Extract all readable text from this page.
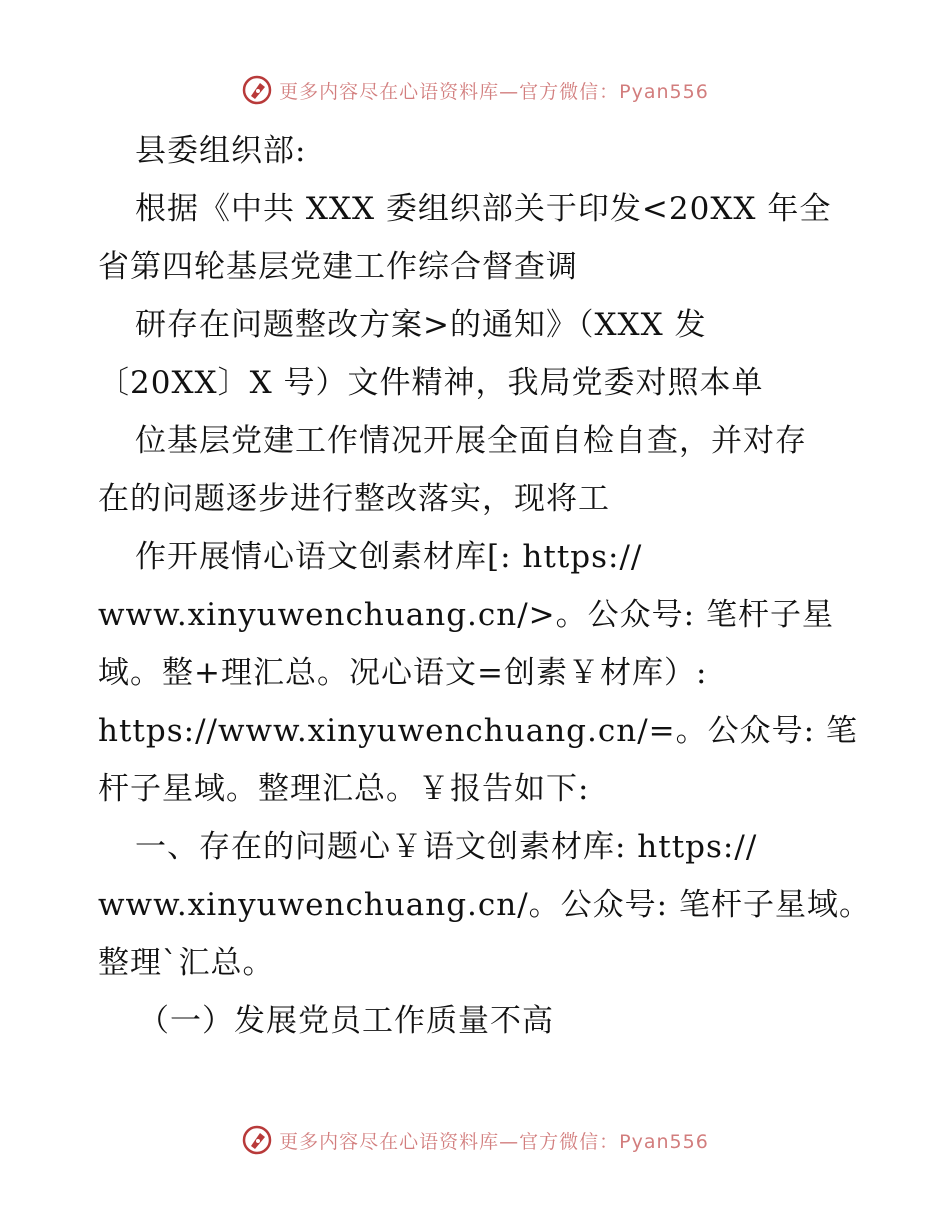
更多内容尽在心语资料库—官方微信：Pyan556
县委组织部:
根据《中共 XXX 委组织部关于印发<20XX 年全
省第四轮基层党建工作综合督查调
研存在问题整改方案>的通知》（XXX 发
〔20XX〕X 号）文件精神，我局党委对照本单
位基层党建工作情况开展全面自检自查，并对存
在的问题逐步进行整改落实，现将工
作开展情心语文创素材库[: https://
www.xinyuwenchuang.cn/>。公众号: 笔杆子星
域。整+理汇总。况心语文=创素￥材库）:
https://www.xinyuwenchuang.cn/=。公众号: 笔
杆子星域。整理汇总。￥报告如下:
一、存在的问题心￥语文创素材库: https://
www.xinyuwenchuang.cn/。公众号: 笔杆子星域。
整理`汇总。
（一）发展党员工作质量不高
更多内容尽在心语资料库—官方微信：Pyan556
